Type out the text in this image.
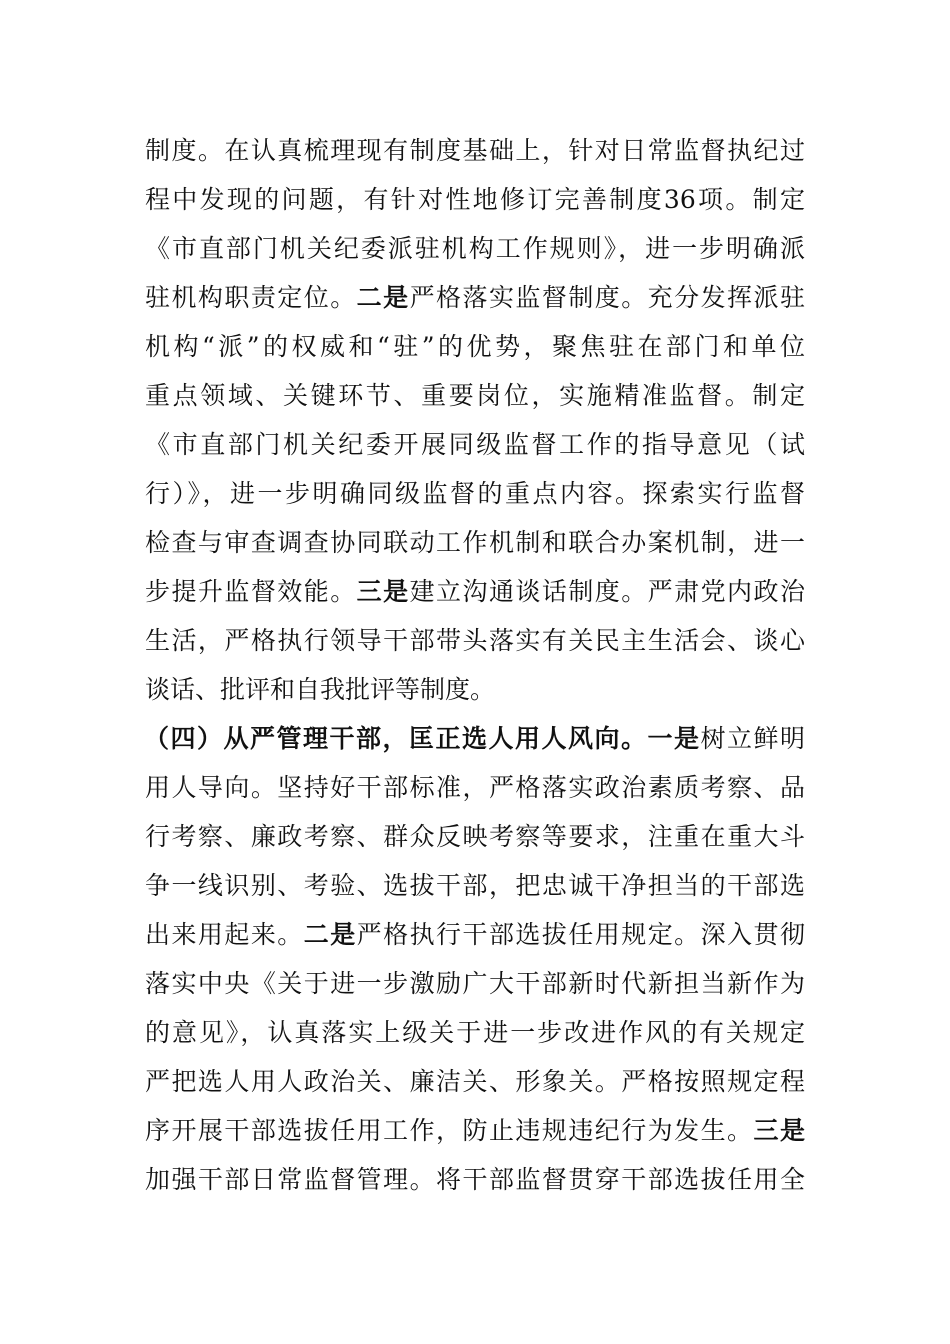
制度。在认真梳理现有制度基础上，针对日常监督执纪过
程中发现的问题，有针对性地修订完善制度36项。制定
《市直部门机关纪委派驻机构工作规则》，进一步明确派
驻机构职责定位。二是严格落实监督制度。充分发挥派驻
机构“派”的权威和“驻”的优势，聚焦驻在部门和单位
重点领域、关键环节、重要岗位，实施精准监督。制定
《市直部门机关纪委开展同级监督工作的指导意见（试
行）》，进一步明确同级监督的重点内容。探索实行监督
检查与审查调查协同联动工作机制和联合办案机制，进一
步提升监督效能。三是建立沟通谈话制度。严肃党内政治
生活，严格执行领导干部带头落实有关民主生活会、谈心
谈话、批评和自我批评等制度。
（四）从严管理干部，匡正选人用人风向。一是树立鲜明
用人导向。坚持好干部标准，严格落实政治素质考察、品
行考察、廉政考察、群众反映考察等要求，注重在重大斗
争一线识别、考验、选拔干部，把忠诚干净担当的干部选
出来用起来。二是严格执行干部选拔任用规定。深入贯彻
落实中央《关于进一步激励广大干部新时代新担当新作为
的意见》，认真落实上级关于进一步改进作风的有关规定
严把选人用人政治关、廉洁关、形象关。严格按照规定程
序开展干部选拔任用工作，防止违规违纪行为发生。三是
加强干部日常监督管理。将干部监督贯穿干部选拔任用全
